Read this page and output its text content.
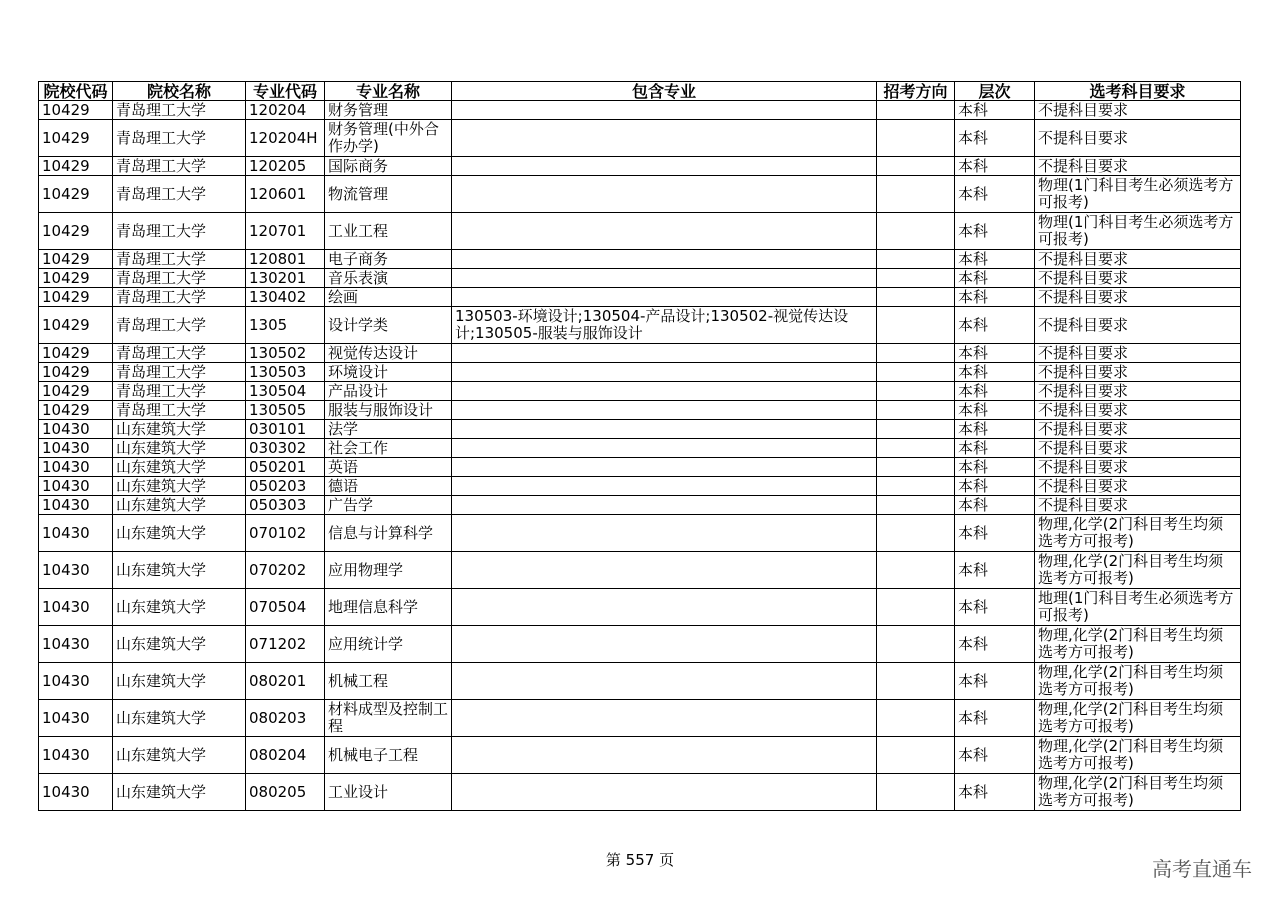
院校代码	院校名称	专业代码	专业名称	包含专业	招考方向	层次	选考科目要求
10429	青岛理工大学	120204	财务管理			本科	不提科目要求
10429	青岛理工大学	120204H	财务管理(中外合作办学)			本科	不提科目要求
10429	青岛理工大学	120205	国际商务			本科	不提科目要求
10429	青岛理工大学	120601	物流管理			本科	物理(1门科目考生必须选考方可报考)
10429	青岛理工大学	120701	工业工程			本科	物理(1门科目考生必须选考方可报考)
10429	青岛理工大学	120801	电子商务			本科	不提科目要求
10429	青岛理工大学	130201	音乐表演			本科	不提科目要求
10429	青岛理工大学	130402	绘画			本科	不提科目要求
10429	青岛理工大学	1305	设计学类	130503-环境设计;130504-产品设计;130502-视觉传达设计;130505-服装与服饰设计		本科	不提科目要求
10429	青岛理工大学	130502	视觉传达设计			本科	不提科目要求
10429	青岛理工大学	130503	环境设计			本科	不提科目要求
10429	青岛理工大学	130504	产品设计			本科	不提科目要求
10429	青岛理工大学	130505	服装与服饰设计			本科	不提科目要求
10430	山东建筑大学	030101	法学			本科	不提科目要求
10430	山东建筑大学	030302	社会工作			本科	不提科目要求
10430	山东建筑大学	050201	英语			本科	不提科目要求
10430	山东建筑大学	050203	德语			本科	不提科目要求
10430	山东建筑大学	050303	广告学			本科	不提科目要求
10430	山东建筑大学	070102	信息与计算科学			本科	物理,化学(2门科目考生均须选考方可报考)
10430	山东建筑大学	070202	应用物理学			本科	物理,化学(2门科目考生均须选考方可报考)
10430	山东建筑大学	070504	地理信息科学			本科	地理(1门科目考生必须选考方可报考)
10430	山东建筑大学	071202	应用统计学			本科	物理,化学(2门科目考生均须选考方可报考)
10430	山东建筑大学	080201	机械工程			本科	物理,化学(2门科目考生均须选考方可报考)
10430	山东建筑大学	080203	材料成型及控制工程			本科	物理,化学(2门科目考生均须选考方可报考)
10430	山东建筑大学	080204	机械电子工程			本科	物理,化学(2门科目考生均须选考方可报考)
10430	山东建筑大学	080205	工业设计			本科	物理,化学(2门科目考生均须选考方可报考)
第 557 页	高考直通车
